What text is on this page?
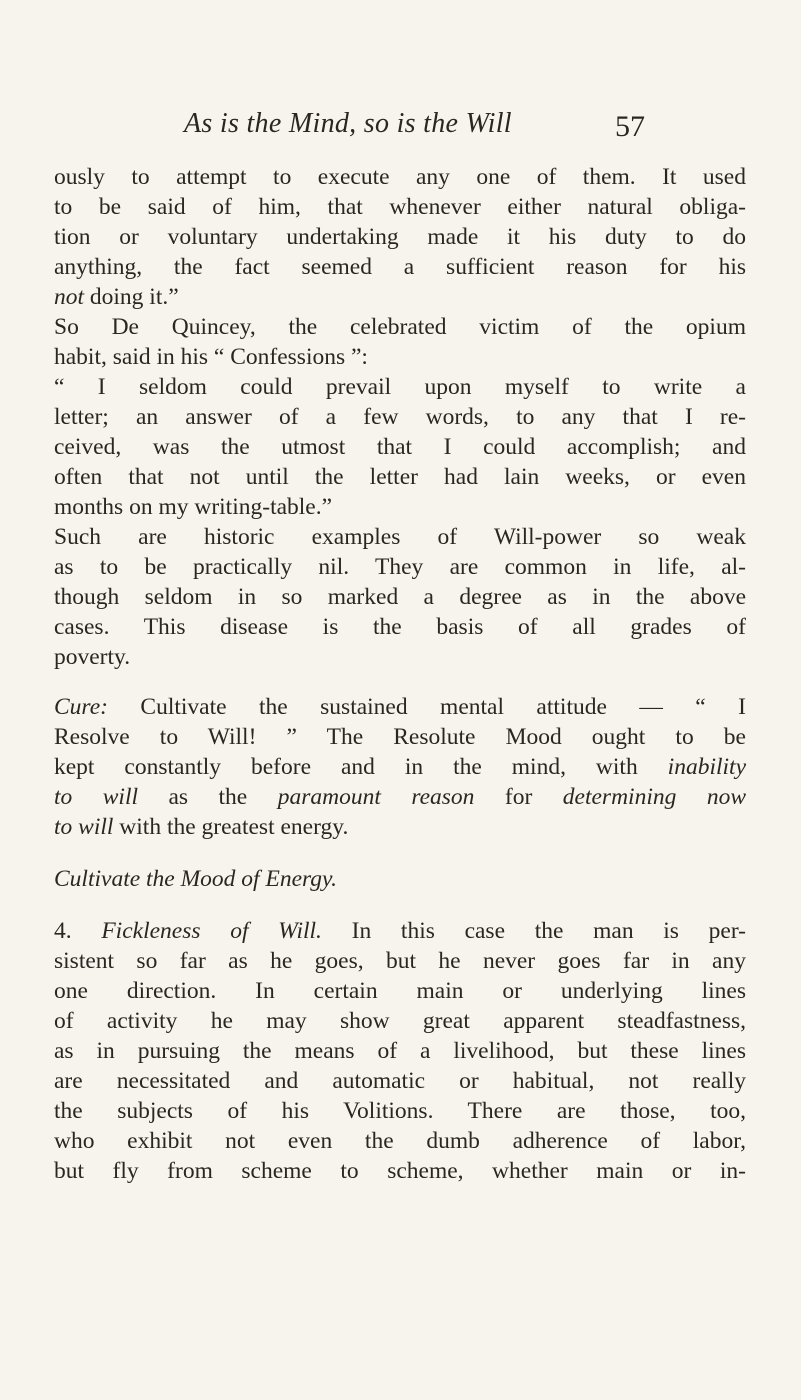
As is the Mind, so is the Will	57
ously to attempt to execute any one of them. It used
to be said of him, that whenever either natural obliga-
tion or voluntary undertaking made it his duty to do
anything, the fact seemed a sufficient reason for his
not doing it.”
So De Quincey, the celebrated victim of the opium
habit, said in his “ Confessions ”:
“ I seldom could prevail upon myself to write a
letter; an answer of a few words, to any that I re-
ceived, was the utmost that I could accomplish; and
often that not until the letter had lain weeks, or even
months on my writing-table.”
Such are historic examples of Will-power so weak
as to be practically nil. They are common in life, al-
though seldom in so marked a degree as in the above
cases. This disease is the basis of all grades of
poverty.
Cure: Cultivate the sustained mental attitude — “ I
Resolve to Will! ” The Resolute Mood ought to be
kept constantly before and in the mind, with inability
to will as the paramount reason for determining now
to will with the greatest energy.
Cultivate the Mood of Energy.
4. Fickleness of Will. In this case the man is per-
sistent so far as he goes, but he never goes far in any
one direction. In certain main or underlying lines
of activity he may show great apparent steadfastness,
as in pursuing the means of a livelihood, but these lines
are necessitated and automatic or habitual, not really
the subjects of his Volitions. There are those, too,
who exhibit not even the dumb adherence of labor,
but fly from scheme to scheme, whether main or in-
